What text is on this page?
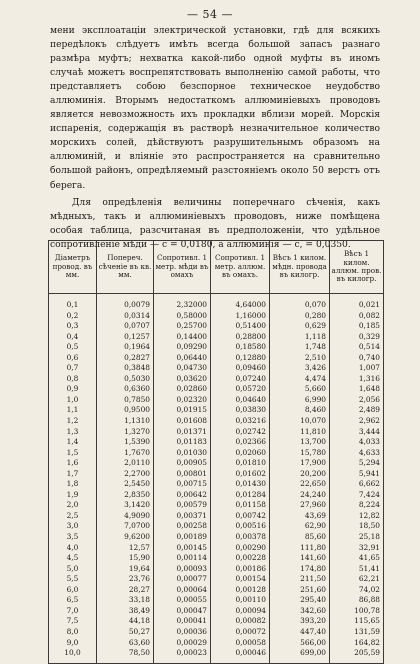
— 54 —

мени эксплоатацiи электрической установки, гдѣ для всякихъ передѣлокъ слѣдуетъ имѣть всегда большой запасъ разнаго размѣра муфтъ; нехватка какой-либо одной муфты въ иномъ случаѣ можетъ воспрепятствовать выполненiю самой работы, что представляетъ собою безспорное техническое неудобство аллюминiя. Вторымъ недостаткомъ аллюминiевыхъ проводовъ является невозможность ихъ прокладки вблизи морей. Морскiя испаренiя, содержащiя въ растворѣ незначительное количество морскихъ солей, дѣйствуютъ разрушительнымъ образомъ на аллюминiй, и влiянiе это распространяется на сравнительно большой районъ, опредѣляемый разстоянiемъ около 50 верстъ отъ берега.

Для опредѣленiя величины поперечнаго сѣченiя, какъ мѣдныхъ, такъ и аллюминiевыхъ проводовъ, ниже помѣщена особая таблица, разсчитаная въ предположенiи, что удѣльное сопротивленiе мѣди — c = 0,0180, а аллюминiя — c, = 0,0350.

Дiаметръ провод. въ мм.	Попереч. сѣченiе въ кв. мм.	Сопротивл. 1 метр. мѣди въ омахъ	Сопротивл. 1 метр. аллюм. въ омахъ.	Вѣсъ 1 килом. мѣдн. провода въ килогр.	Вѣсъ 1 килом. аллюм. пров. въ килогр.
0,1	0,0079	2,32000	4,64000	0,070	0,021
0,2	0,0314	0,58000	1,16000	0,280	0,082
0,3	0,0707	0,25700	0,51400	0,629	0,185
0,4	0,1257	0,14400	0,28800	1,118	0,329
0,5	0,1964	0,09290	0,18580	1,748	0,514
0,6	0,2827	0,06440	0,12880	2,510	0,740
0,7	0,3848	0,04730	0,09460	3,426	1,007
0,8	0,5030	0,03620	0,07240	4,474	1,316
0,9	0,6360	0,02860	0,05720	5,660	1,648
1,0	0,7850	0,02320	0,04640	6,990	2,056
1,1	0,9500	0,01915	0,03830	8,460	2,489
1,2	1,1310	0,01608	0,03216	10,070	2,962
1,3	1,3270	0,01371	0,02742	11,810	3,444
1,4	1,5390	0,01183	0,02366	13,700	4,033
1,5	1,7670	0,01030	0,02060	15,780	4,633
1,6	2,0110	0,00905	0,01810	17,900	5,294
1,7	2,2700	0,00801	0,01602	20,200	5,941
1,8	2,5450	0,00715	0,01430	22,650	6,662
1,9	2,8350	0,00642	0,01284	24,240	7,424
2,0	3,1420	0,00579	0,01158	27,960	8,224
2,5	4,9090	0,00371	0,00742	43,69	12,82
3,0	7,0700	0,00258	0,00516	62,90	18,50
3,5	9,6200	0,00189	0,00378	85,60	25,18
4,0	12,57	0,00145	0,00290	111,80	32,91
4,5	15,90	0,00114	0,00228	141,60	41,65
5,0	19,64	0,00093	0,00186	174,80	51,41
5,5	23,76	0,00077	0,00154	211,50	62,21
6,0	28,27	0,00064	0,00128	251,60	74,02
6,5	33,18	0,00055	0,00110	295,40	86,88
7,0	38,49	0,00047	0,00094	342,60	100,78
7,5	44,18	0,00041	0,00082	393,20	115,65
8,0	50,27	0,00036	0,00072	447,40	131,59
9,0	63,60	0,00029	0,00058	566,00	164,82
10,0	78,50	0,00023	0,00046	699,00	205,59
